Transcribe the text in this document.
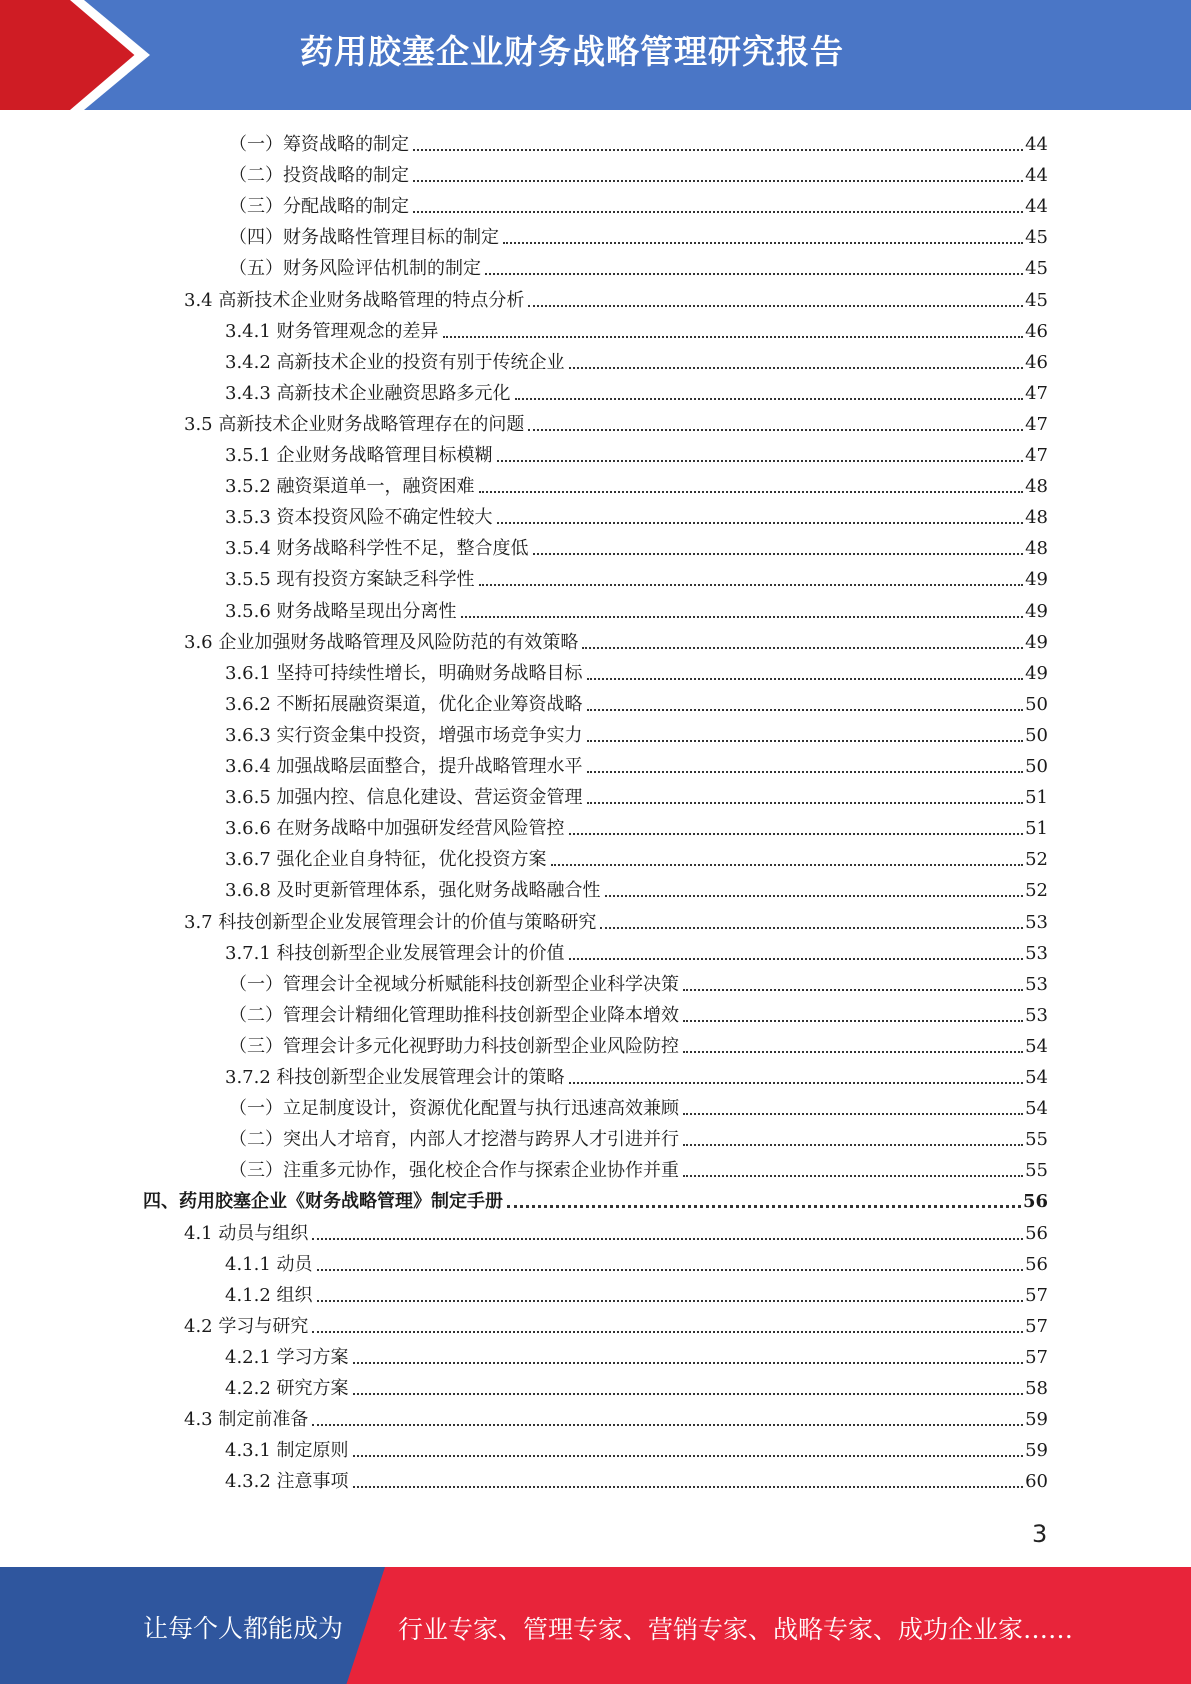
药用胶塞企业财务战略管理研究报告
（一）筹资战略的制定	44
（二）投资战略的制定	44
（三）分配战略的制定	44
（四）财务战略性管理目标的制定	45
（五）财务风险评估机制的制定	45
3.4 高新技术企业财务战略管理的特点分析	45
3.4.1 财务管理观念的差异	46
3.4.2 高新技术企业的投资有别于传统企业	46
3.4.3 高新技术企业融资思路多元化	47
3.5 高新技术企业财务战略管理存在的问题	47
3.5.1 企业财务战略管理目标模糊	47
3.5.2 融资渠道单一，融资困难	48
3.5.3 资本投资风险不确定性较大	48
3.5.4 财务战略科学性不足，整合度低	48
3.5.5 现有投资方案缺乏科学性	49
3.5.6 财务战略呈现出分离性	49
3.6 企业加强财务战略管理及风险防范的有效策略	49
3.6.1 坚持可持续性增长，明确财务战略目标	49
3.6.2 不断拓展融资渠道，优化企业筹资战略	50
3.6.3 实行资金集中投资，增强市场竞争实力	50
3.6.4 加强战略层面整合，提升战略管理水平	50
3.6.5 加强内控、信息化建设、营运资金管理	51
3.6.6 在财务战略中加强研发经营风险管控	51
3.6.7 强化企业自身特征，优化投资方案	52
3.6.8 及时更新管理体系，强化财务战略融合性	52
3.7 科技创新型企业发展管理会计的价值与策略研究	53
3.7.1 科技创新型企业发展管理会计的价值	53
（一）管理会计全视域分析赋能科技创新型企业科学决策	53
（二）管理会计精细化管理助推科技创新型企业降本增效	53
（三）管理会计多元化视野助力科技创新型企业风险防控	54
3.7.2 科技创新型企业发展管理会计的策略	54
（一）立足制度设计，资源优化配置与执行迅速高效兼顾	54
（二）突出人才培育，内部人才挖潜与跨界人才引进并行	55
（三）注重多元协作，强化校企合作与探索企业协作并重	55
四、药用胶塞企业《财务战略管理》制定手册	56
4.1 动员与组织	56
4.1.1 动员	56
4.1.2 组织	57
4.2 学习与研究	57
4.2.1 学习方案	57
4.2.2 研究方案	58
4.3 制定前准备	59
4.3.1 制定原则	59
4.3.2 注意事项	60
3
让每个人都能成为 行业专家、管理专家、营销专家、战略专家、成功企业家……
